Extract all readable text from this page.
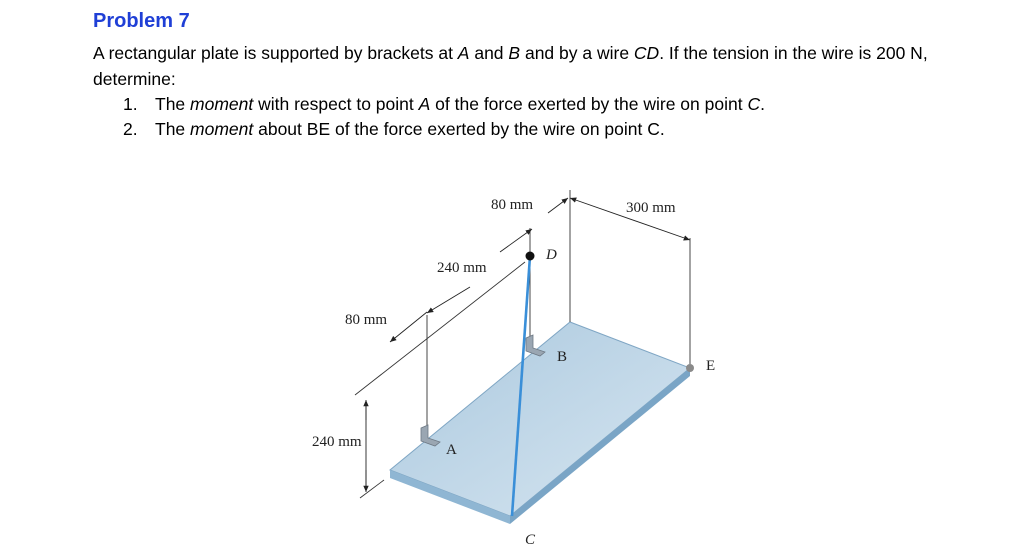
Problem 7
A rectangular plate is supported by brackets at A and B and by a wire CD. If the tension in the wire is 200 N, determine:
1. The moment with respect to point A of the force exerted by the wire on point C.
2. The moment about BE of the force exerted by the wire on point C.
80 mm	300 mm
240 mm
80 mm
240 mm
D
B
E
A
C
